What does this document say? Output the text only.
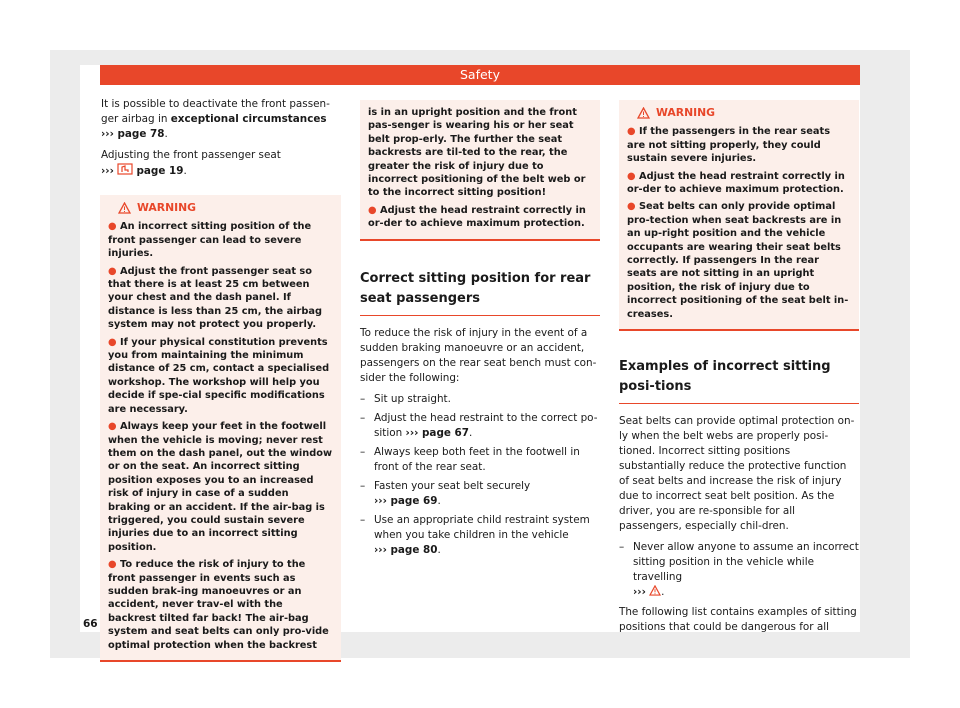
Safety

It is possible to deactivate the front passen-ger airbag in exceptional circumstances ››› page 78.

Adjusting the front passenger seat
››› page 19.

WARNING
● An incorrect sitting position of the front passenger can lead to severe injuries.
● Adjust the front passenger seat so that there is at least 25 cm between your chest and the dash panel. If distance is less than 25 cm, the airbag system may not protect you properly.
● If your physical constitution prevents you from maintaining the minimum distance of 25 cm, contact a specialised workshop. The workshop will help you decide if spe-cial specific modifications are necessary.
● Always keep your feet in the footwell when the vehicle is moving; never rest them on the dash panel, out the window or on the seat. An incorrect sitting position exposes you to an increased risk of injury in case of a sudden braking or an accident. If the air-bag is triggered, you could sustain severe injuries due to an incorrect sitting position.
● To reduce the risk of injury to the front passenger in events such as sudden brak-ing manoeuvres or an accident, never trav-el with the backrest tilted far back! The air-bag system and seat belts can only pro-vide optimal protection when the backrest
is in an upright position and the front pas-senger is wearing his or her seat belt prop-erly. The further the seat backrests are til-ted to the rear, the greater the risk of injury due to incorrect positioning of the belt web or to the incorrect sitting position!
● Adjust the head restraint correctly in or-der to achieve maximum protection.
Correct sitting position for rear seat passengers

To reduce the risk of injury in the event of a sudden braking manoeuvre or an accident, passengers on the rear seat bench must con-sider the following:

– Sit up straight.
– Adjust the head restraint to the correct po-sition ››› page 67.
– Always keep both feet in the footwell in front of the rear seat.
– Fasten your seat belt securely
››› page 69.
– Use an appropriate child restraint system when you take children in the vehicle
››› page 80.
WARNING
● If the passengers in the rear seats are not sitting properly, they could sustain severe injuries.
● Adjust the head restraint correctly in or-der to achieve maximum protection.
● Seat belts can only provide optimal pro-tection when seat backrests are in an up-right position and the vehicle occupants are wearing their seat belts correctly. If passengers In the rear seats are not sitting in an upright position, the risk of injury due to incorrect positioning of the seat belt in-creases.
Examples of incorrect sitting posi-tions

Seat belts can provide optimal protection on-ly when the belt webs are properly posi-tioned. Incorrect sitting positions substantially reduce the protective function of seat belts and increase the risk of injury due to incorrect seat belt position. As the driver, you are re-sponsible for all passengers, especially chil-dren.

– Never allow anyone to assume an incorrect sitting position in the vehicle while travelling
››› .

The following list contains examples of sitting positions that could be dangerous for all

66
